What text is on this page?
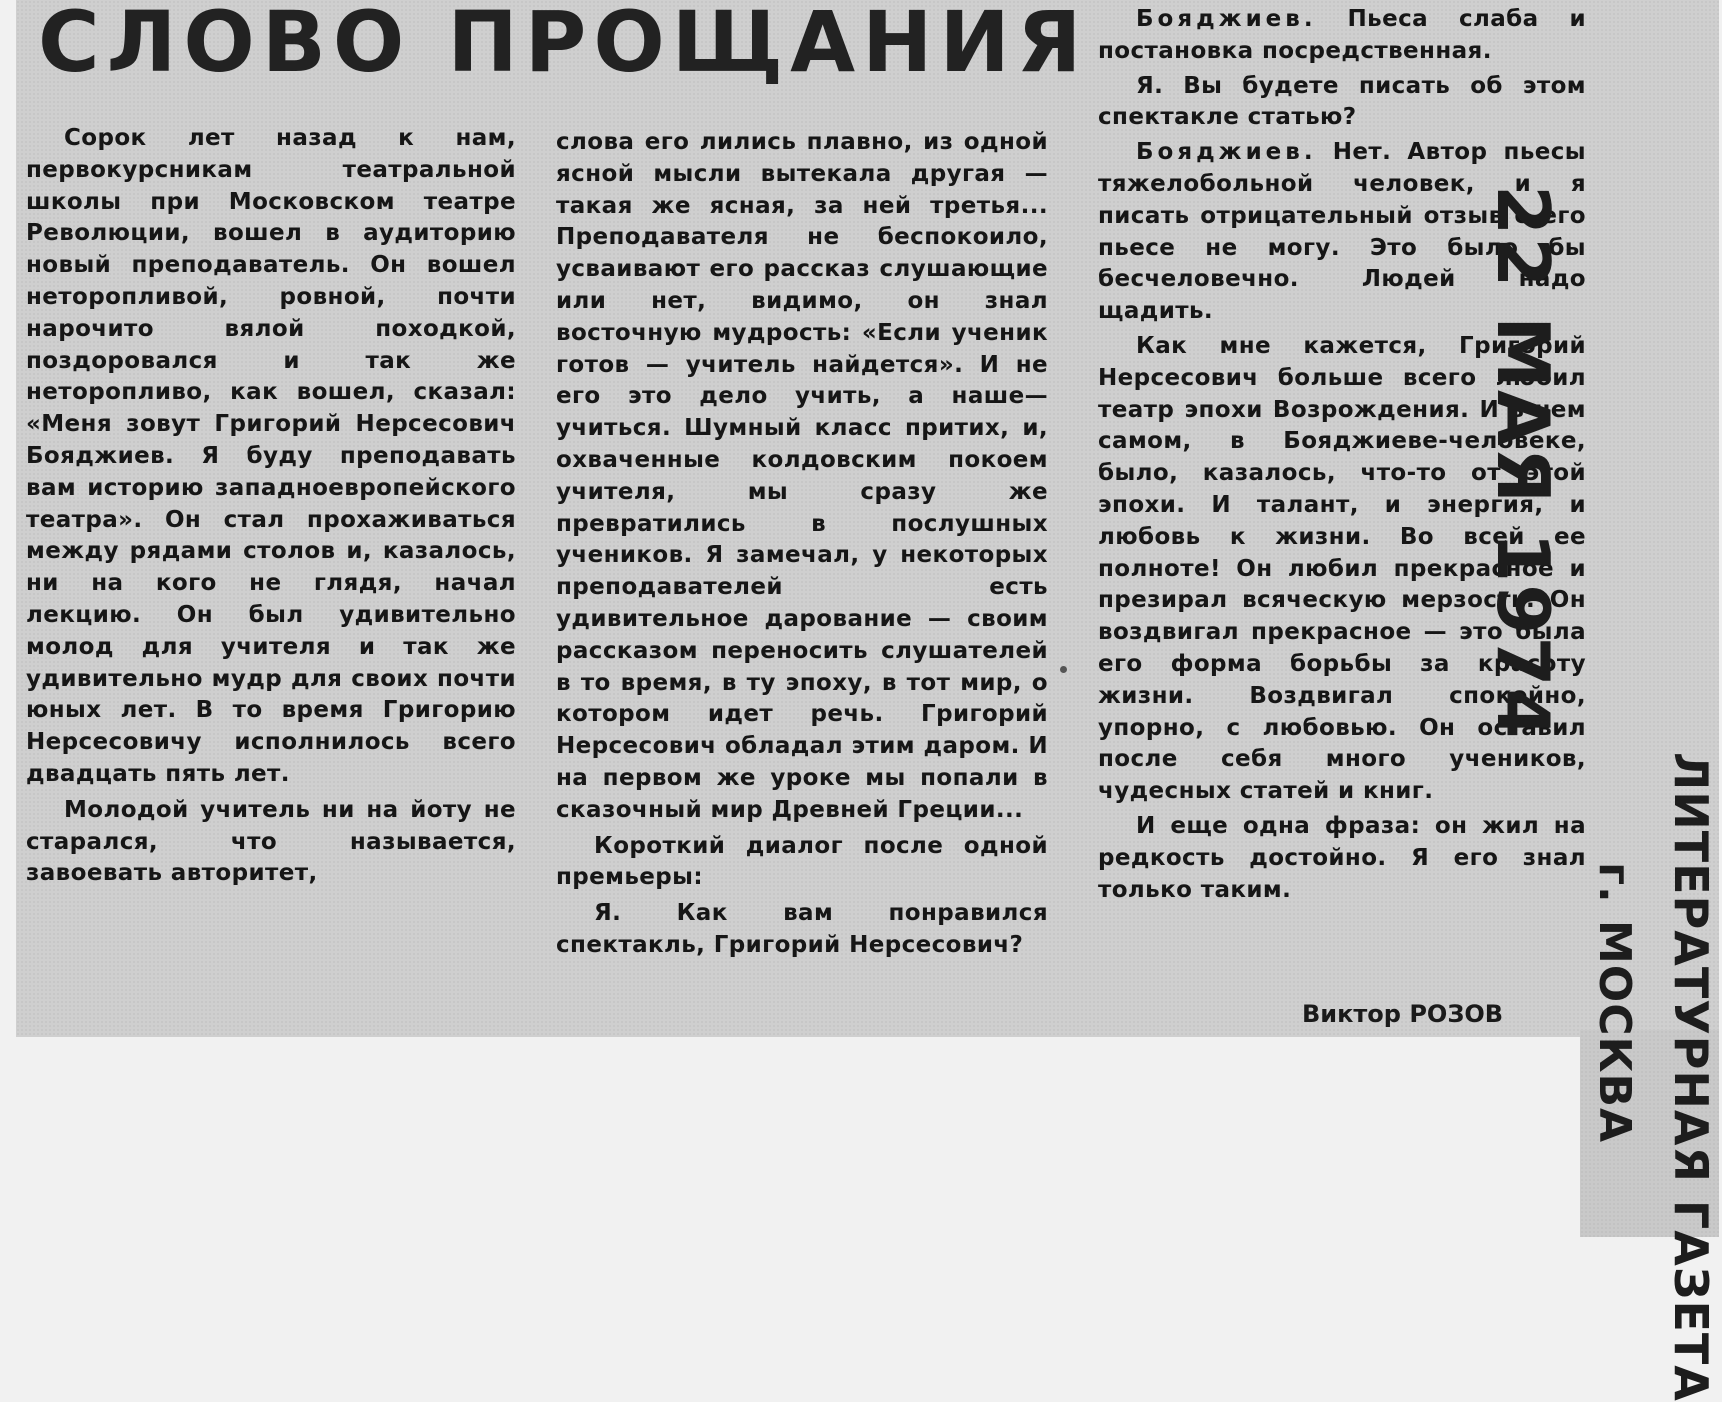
СЛОВО ПРОЩАНИЯ

Сорок лет назад к нам, первокурсникам театральной школы при Московском театре Революции, вошел в аудиторию новый преподаватель. Он вошел неторопливой, ровной, почти нарочито вялой походкой, поздоровался и так же неторопливо, как вошел, сказал: «Меня зовут Григорий Нерсесович Бояджиев. Я буду преподавать вам историю западноевропейского театра». Он стал прохаживаться между рядами столов и, казалось, ни на кого не глядя, начал лекцию. Он был удивительно молод для учителя и так же удивительно мудр для своих почти юных лет. В то время Григорию Нерсесовичу исполнилось всего двадцать пять лет.

Молодой учитель ни на йоту не старался, что называется, завоевать авторитет,

слова его лились плавно, из одной ясной мысли вытекала другая — такая же ясная, за ней третья... Преподавателя не беспокоило, усваивают его рассказ слушающие или нет, видимо, он знал восточную мудрость: «Если ученик готов — учитель найдется». И не его это дело учить, а наше—учиться. Шумный класс притих, и, охваченные колдовским покоем учителя, мы сразу же превратились в послушных учеников. Я замечал, у некоторых преподавателей есть удивительное дарование — своим рассказом переносить слушателей в то время, в ту эпоху, в тот мир, о котором идет речь. Григорий Нерсесович обладал этим даром. И на первом же уроке мы попали в сказочный мир Древней Греции...

Короткий диалог после одной премьеры:

Я. Как вам понравился спектакль, Григорий Нерсесович?

Бояджиев. Пьеса слаба и постановка посредственная.

Я. Вы будете писать об этом спектакле статью?

Бояджиев. Нет. Автор пьесы тяжелобольной человек, и я писать отрицательный отзыв о его пьесе не могу. Это было бы бесчеловечно. Людей надо щадить.

Как мне кажется, Григорий Нерсесович больше всего любил театр эпохи Возрождения. И в нем самом, в Бояджиеве-человеке, было, казалось, что-то от этой эпохи. И талант, и энергия, и любовь к жизни. Во всей ее полноте! Он любил прекрасное и презирал всяческую мерзость. Он воздвигал прекрасное — это была его форма борьбы за красоту жизни. Воздвигал спокойно, упорно, с любовью. Он оставил после себя много учеников, чудесных статей и книг.

И еще одна фраза: он жил на редкость достойно. Я его знал только таким.

Виктор РОЗОВ

22 МАЯ 1974
ЛИТЕРАТУРНАЯ ГАЗЕТА
г. МОСКВА
